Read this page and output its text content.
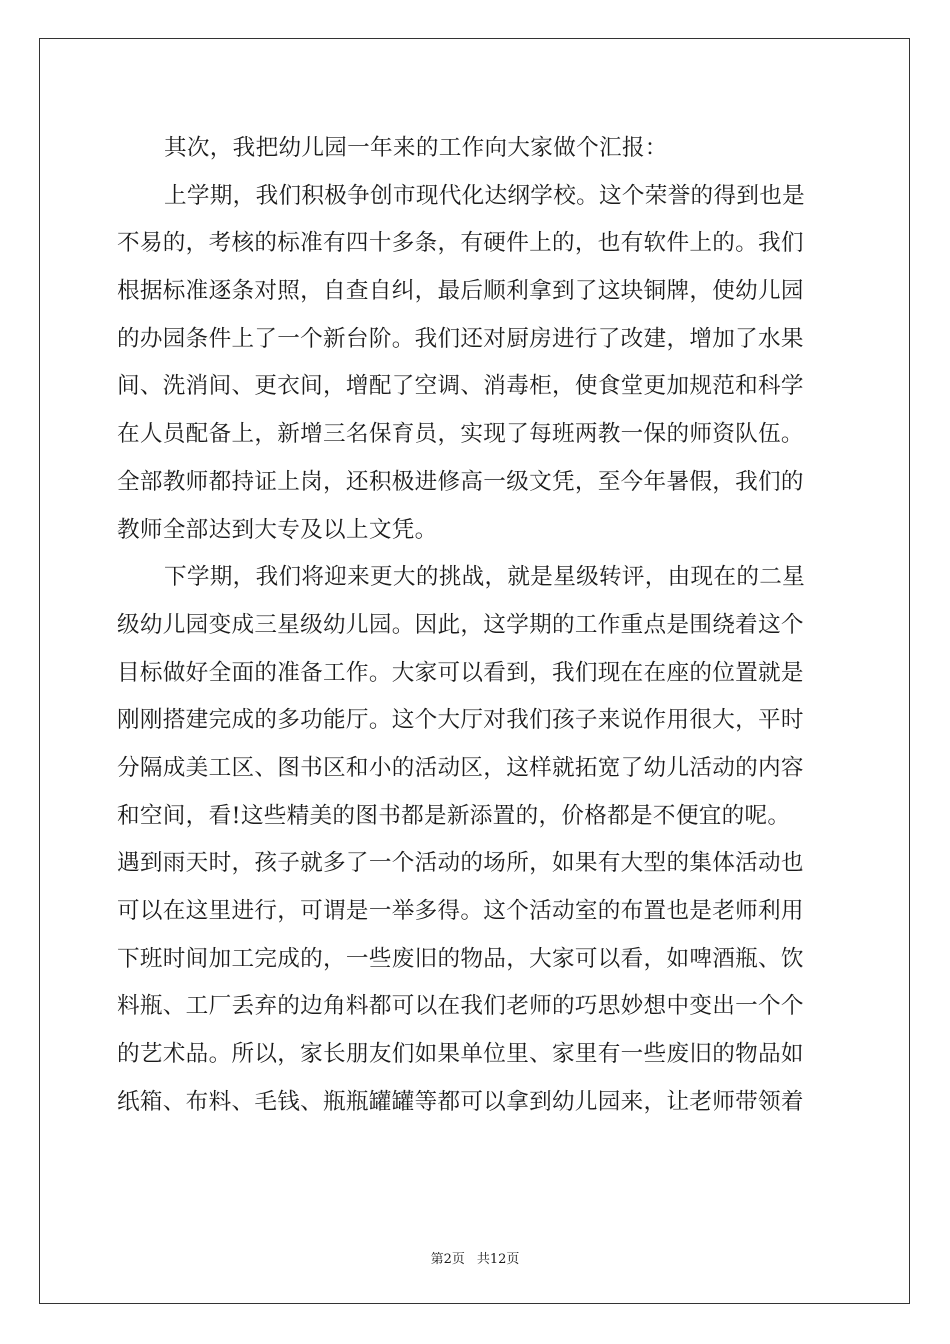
其次，我把幼儿园一年来的工作向大家做个汇报：
上学期，我们积极争创市现代化达纲学校。这个荣誉的得到也是
不易的，考核的标准有四十多条，有硬件上的，也有软件上的。我们
根据标准逐条对照，自查自纠，最后顺利拿到了这块铜牌，使幼儿园
的办园条件上了一个新台阶。我们还对厨房进行了改建，增加了水果
间、洗消间、更衣间，增配了空调、消毒柜，使食堂更加规范和科学
在人员配备上，新增三名保育员，实现了每班两教一保的师资队伍。
全部教师都持证上岗，还积极进修高一级文凭，至今年暑假，我们的
教师全部达到大专及以上文凭。
下学期，我们将迎来更大的挑战，就是星级转评，由现在的二星
级幼儿园变成三星级幼儿园。因此，这学期的工作重点是围绕着这个
目标做好全面的准备工作。大家可以看到，我们现在在座的位置就是
刚刚搭建完成的多功能厅。这个大厅对我们孩子来说作用很大，平时
分隔成美工区、图书区和小的活动区，这样就拓宽了幼儿活动的内容
和空间，看!这些精美的图书都是新添置的，价格都是不便宜的呢。
遇到雨天时，孩子就多了一个活动的场所，如果有大型的集体活动也
可以在这里进行，可谓是一举多得。这个活动室的布置也是老师利用
下班时间加工完成的，一些废旧的物品，大家可以看，如啤酒瓶、饮
料瓶、工厂丢弃的边角料都可以在我们老师的巧思妙想中变出一个个
的艺术品。所以，家长朋友们如果单位里、家里有一些废旧的物品如
纸箱、布料、毛钱、瓶瓶罐罐等都可以拿到幼儿园来，让老师带领着
第2页 共12页
